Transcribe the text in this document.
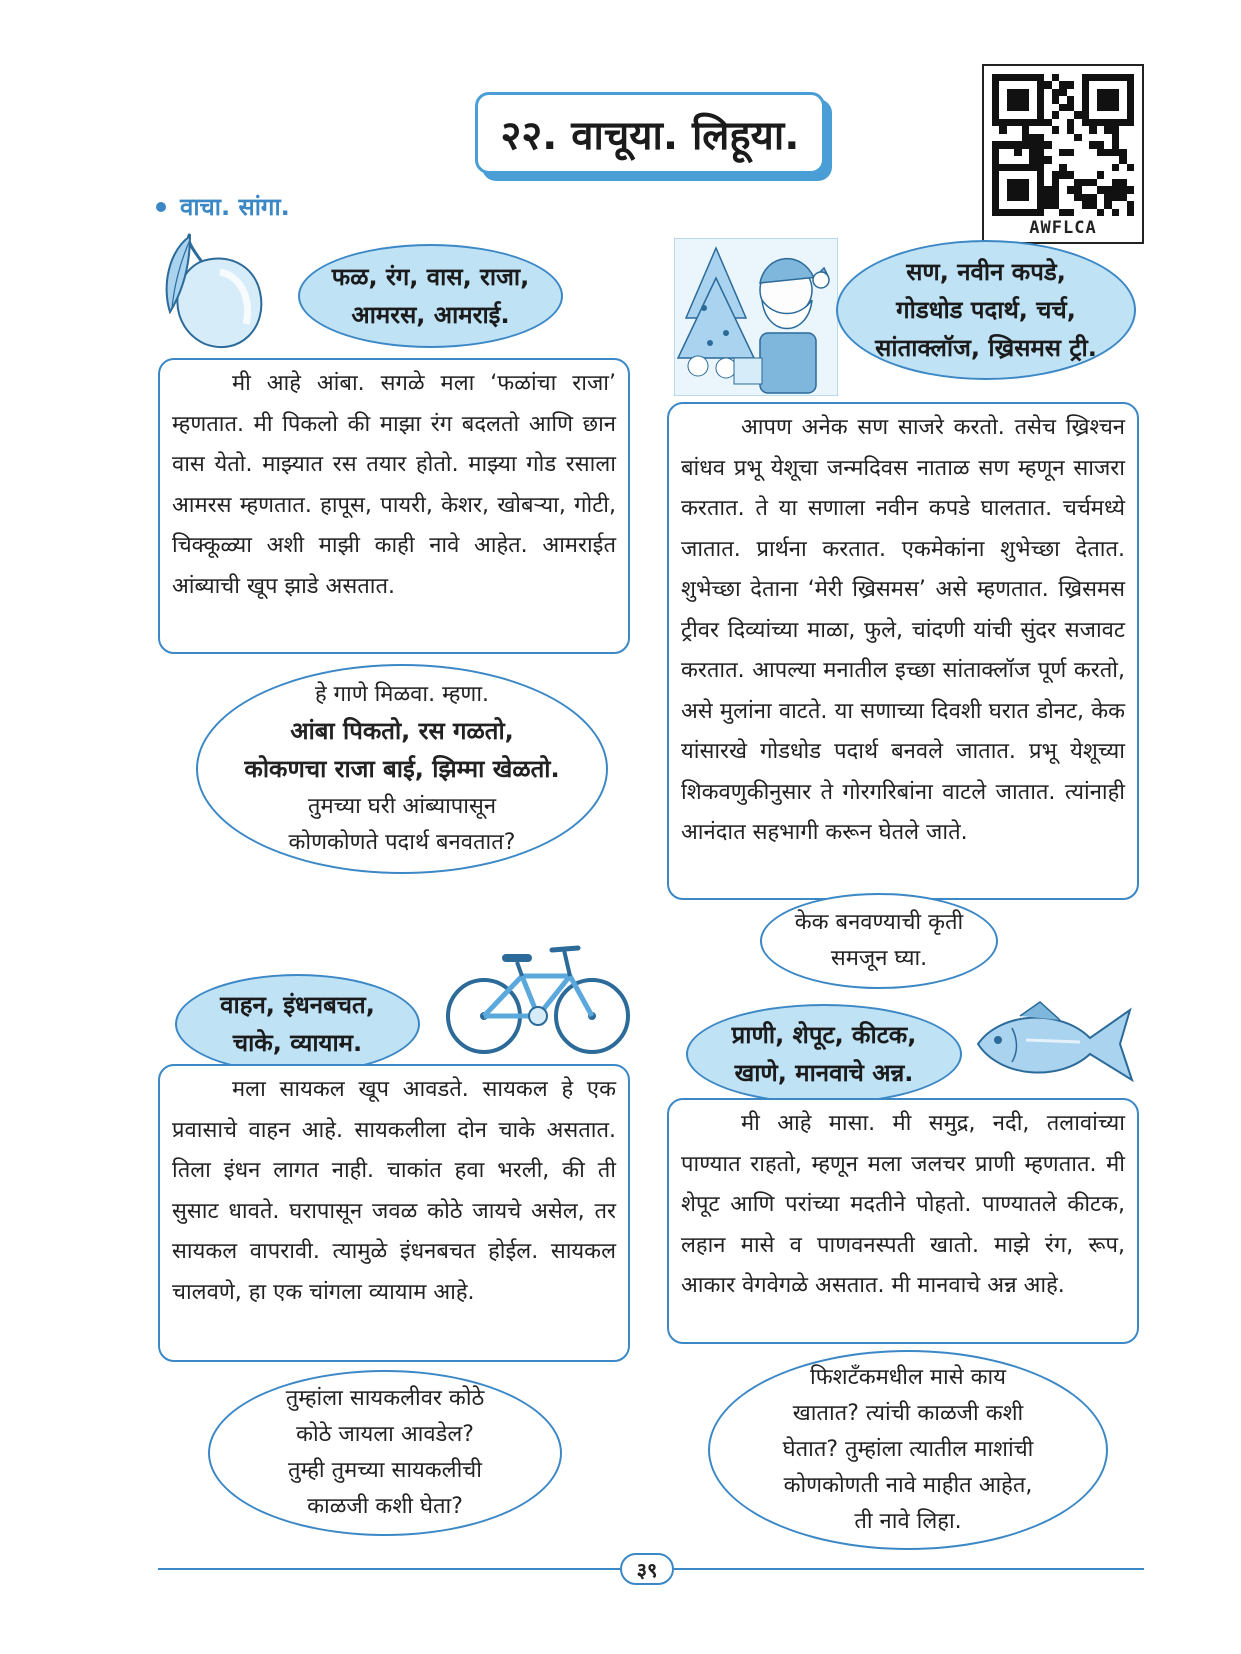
२२. वाचूया. लिहूया.
AWFLCA
वाचा. सांगा.
फळ, रंग, वास, राजा,
आमरस, आमराई.

मी आहे आंबा. सगळे मला ‘फळांचा राजा’ म्हणतात. मी पिकलो की माझा रंग बदलतो आणि छान वास येतो. माझ्यात रस तयार होतो. माझ्या गोड रसाला आमरस म्हणतात. हापूस, पायरी, केशर, खोबऱ्या, गोटी, चिक्कूळ्या अशी माझी काही नावे आहेत. आमराईत आंब्याची खूप झाडे असतात.

हे गाणे मिळवा. म्हणा.
आंबा पिकतो, रस गळतो,
कोकणचा राजा बाई, झिम्मा खेळतो.
तुमच्या घरी आंब्यापासून
कोणकोणते पदार्थ बनवतात?
सण, नवीन कपडे,
गोडधोड पदार्थ, चर्च,
सांताक्लॉज, ख्रिसमस ट्री.

आपण अनेक सण साजरे करतो. तसेच ख्रिश्चन बांधव प्रभू येशूचा जन्मदिवस नाताळ सण म्हणून साजरा करतात. ते या सणाला नवीन कपडे घालतात. चर्चमध्ये जातात. प्रार्थना करतात. एकमेकांना शुभेच्छा देतात. शुभेच्छा देताना ‘मेरी ख्रिसमस’ असे म्हणतात. ख्रिसमस ट्रीवर दिव्यांच्या माळा, फुले, चांदणी यांची सुंदर सजावट करतात. आपल्या मनातील इच्छा सांताक्लॉज पूर्ण करतो, असे मुलांना वाटते. या सणाच्या दिवशी घरात डोनट, केक यांसारखे गोडधोड पदार्थ बनवले जातात. प्रभू येशूच्या शिकवणुकीनुसार ते गोरगरिबांना वाटले जातात. त्यांनाही आनंदात सहभागी करून घेतले जाते.

केक बनवण्याची कृती
समजून घ्या.
वाहन, इंधनबचत,
चाके, व्यायाम.

मला सायकल खूप आवडते. सायकल हे एक प्रवासाचे वाहन आहे. सायकलीला दोन चाके असतात. तिला इंधन लागत नाही. चाकांत हवा भरली, की ती सुसाट धावते. घरापासून जवळ कोठे जायचे असेल, तर सायकल वापरावी. त्यामुळे इंधनबचत होईल. सायकल चालवणे, हा एक चांगला व्यायाम आहे.

तुम्हांला सायकलीवर कोठे
कोठे जायला आवडेल?
तुम्ही तुमच्या सायकलीची
काळजी कशी घेता?
प्राणी, शेपूट, कीटक,
खाणे, मानवाचे अन्न.

मी आहे मासा. मी समुद्र, नदी, तलावांच्या पाण्यात राहतो, म्हणून मला जलचर प्राणी म्हणतात. मी शेपूट आणि परांच्या मदतीने पोहतो. पाण्यातले कीटक, लहान मासे व पाणवनस्पती खातो. माझे रंग, रूप, आकार वेगवेगळे असतात. मी मानवाचे अन्न आहे.

फिशटँकमधील मासे काय
खातात? त्यांची काळजी कशी
घेतात? तुम्हांला त्यातील माशांची
कोणकोणती नावे माहीत आहेत,
ती नावे लिहा.
३९
